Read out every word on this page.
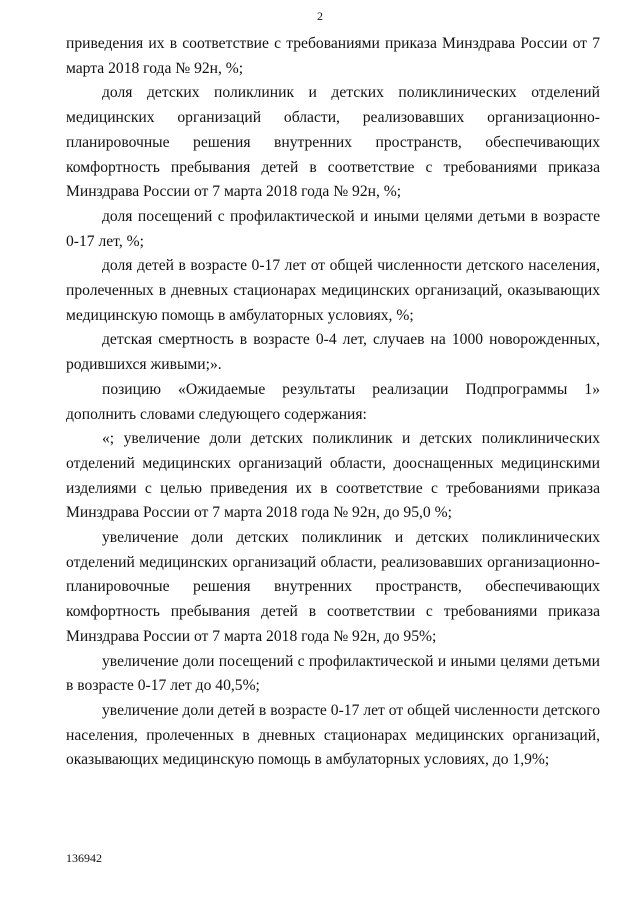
2

приведения их в соответствие с требованиями приказа Минздрава России от 7 марта 2018 года № 92н, %;

доля детских поликлиник и детских поликлинических отделений медицинских организаций области, реализовавших организационно-планировочные решения внутренних пространств, обеспечивающих комфортность пребывания детей в соответствие с требованиями приказа Минздрава России от 7 марта 2018 года № 92н, %;

доля посещений с профилактической и иными целями детьми в возрасте 0-17 лет, %;

доля детей в возрасте 0-17 лет от общей численности детского населения, пролеченных в дневных стационарах медицинских организаций, оказывающих медицинскую помощь в амбулаторных условиях, %;

детская смертность в возрасте 0-4 лет, случаев на 1000 новорожденных, родившихся живыми;».

позицию «Ожидаемые результаты реализации Подпрограммы 1» дополнить словами следующего содержания:

«; увеличение доли детских поликлиник и детских поликлинических отделений медицинских организаций области, дооснащенных медицинскими изделиями с целью приведения их в соответствие с требованиями приказа Минздрава России от 7 марта 2018 года № 92н, до 95,0 %;

увеличение доли детских поликлиник и детских поликлинических отделений медицинских организаций области, реализовавших организационно-планировочные решения внутренних пространств, обеспечивающих комфортность пребывания детей в соответствии с требованиями приказа Минздрава России от 7 марта 2018 года № 92н, до 95%;

увеличение доли посещений с профилактической и иными целями детьми в возрасте 0-17 лет до 40,5%;

увеличение доли детей в возрасте 0-17 лет от общей численности детского населения, пролеченных в дневных стационарах медицинских организаций, оказывающих медицинскую помощь в амбулаторных условиях, до 1,9%;

136942
